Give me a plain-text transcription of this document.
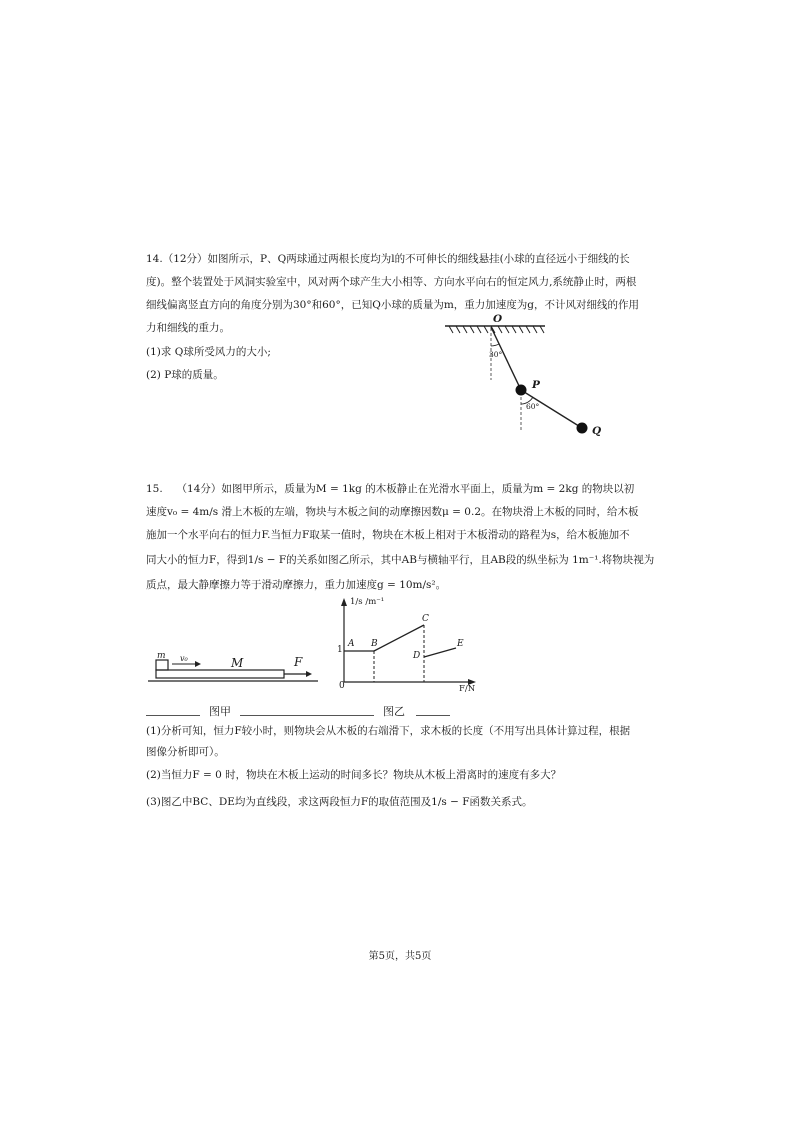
14.（12分）如图所示，P、Q两球通过两根长度均为l的不可伸长的细线悬挂(小球的直径远小于细线的长
度)。整个装置处于风洞实验室中，风对两个球产生大小相等、方向水平向右的恒定风力,系统静止时，两根
细线偏离竖直方向的角度分别为30°和60°，已知Q小球的质量为m，重力加速度为g，不计风对细线的作用
力和细线的重力。
(1)求 Q球所受风力的大小;
(2) P球的质量。
O
30°
P
60°
Q
15.　 （14分）如图甲所示，质量为M = 1kg 的木板静止在光滑水平面上，质量为m = 2kg 的物块以初
速度v₀ = 4m/s 滑上木板的左端，物块与木板之间的动摩擦因数μ = 0.2。在物块滑上木板的同时，给木板
施加一个水平向右的恒力F.当恒力F取某一值时，物块在木板上相对于木板滑动的路程为s，给木板施加不
同大小的恒力F，得到1/s − F的关系如图乙所示，其中AB与横轴平行，且AB段的纵坐标为 1m⁻¹.将物块视为
质点，最大静摩擦力等于滑动摩擦力，重力加速度g = 10m/s²。
m v₀	M	F
1/s /m⁻¹
F/N
0
1
A B
C
D
E
图甲	图乙
(1)分析可知，恒力F较小时，则物块会从木板的右端滑下，求木板的长度（不用写出具体计算过程，根据
图像分析即可）。
(2)当恒力F = 0 时，物块在木板上运动的时间多长？物块从木板上滑离时的速度有多大？
(3)图乙中BC、DE均为直线段，求这两段恒力F的取值范围及1/s − F函数关系式。
第5页，共5页
